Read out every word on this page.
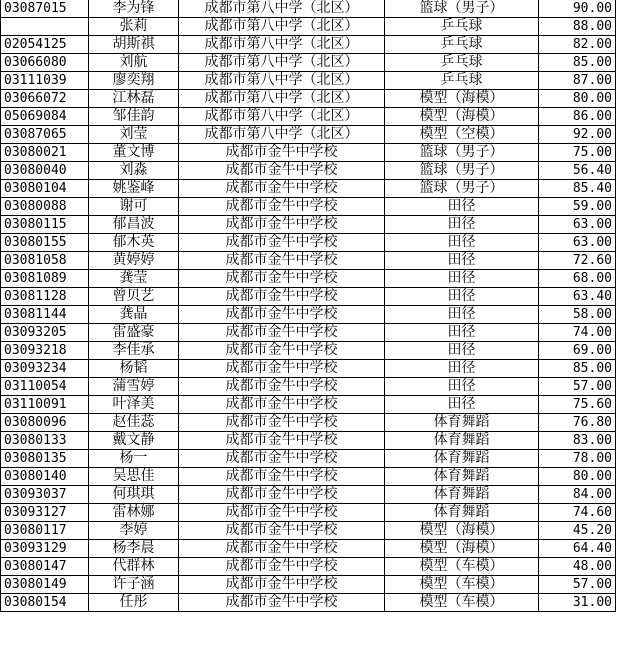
03087015	李为锋	成都市第八中学（北区）	篮球（男子）	90.00
	张莉	成都市第八中学（北区）	乒乓球	88.00
02054125	胡斯祺	成都市第八中学（北区）	乒乓球	82.00
03066080	刘航	成都市第八中学（北区）	乒乓球	85.00
03111039	廖奕翔	成都市第八中学（北区）	乒乓球	87.00
03066072	江林磊	成都市第八中学（北区）	模型（海模）	80.00
05069084	邹佳韵	成都市第八中学（北区）	模型（海模）	86.00
03087065	刘莹	成都市第八中学（北区）	模型（空模）	92.00
03080021	董文博	成都市金牛中学校	篮球（男子）	75.00
03080040	刘淼	成都市金牛中学校	篮球（男子）	56.40
03080104	姚鉴峰	成都市金牛中学校	篮球（男子）	85.40
03080088	谢可	成都市金牛中学校	田径	59.00
03080115	郁昌波	成都市金牛中学校	田径	63.00
03080155	郁木英	成都市金牛中学校	田径	63.00
03081058	黄婷婷	成都市金牛中学校	田径	72.60
03081089	龚莹	成都市金牛中学校	田径	68.00
03081128	曾贝艺	成都市金牛中学校	田径	63.40
03081144	龚晶	成都市金牛中学校	田径	58.00
03093205	雷盛豪	成都市金牛中学校	田径	74.00
03093218	李佳承	成都市金牛中学校	田径	69.00
03093234	杨韬	成都市金牛中学校	田径	85.00
03110054	蒲雪婷	成都市金牛中学校	田径	57.00
03110091	叶泽美	成都市金牛中学校	田径	75.60
03080096	赵佳蕊	成都市金牛中学校	体育舞蹈	76.80
03080133	戴文静	成都市金牛中学校	体育舞蹈	83.00
03080135	杨一	成都市金牛中学校	体育舞蹈	78.00
03080140	吴思佳	成都市金牛中学校	体育舞蹈	80.00
03093037	何琪琪	成都市金牛中学校	体育舞蹈	84.00
03093127	雷林娜	成都市金牛中学校	体育舞蹈	74.60
03080117	李婷	成都市金牛中学校	模型（海模）	45.20
03093129	杨李晨	成都市金牛中学校	模型（海模）	64.40
03080147	代群林	成都市金牛中学校	模型（车模）	48.00
03080149	许子涵	成都市金牛中学校	模型（车模）	57.00
03080154	任彤	成都市金牛中学校	模型（车模）	31.00
